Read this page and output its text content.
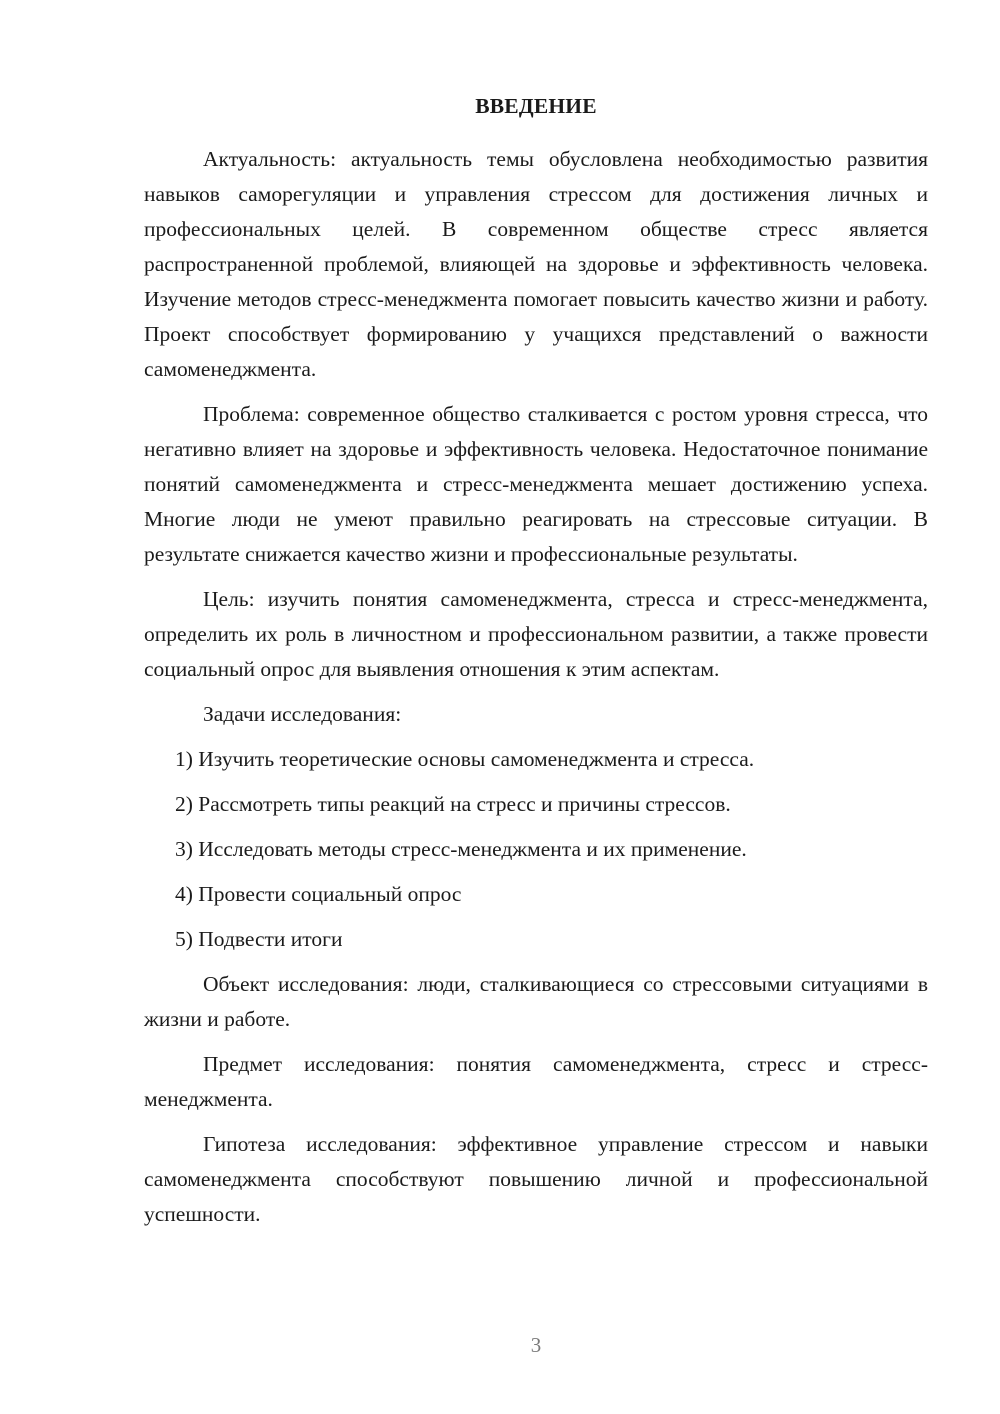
ВВЕДЕНИЕ

Актуальность: актуальность темы обусловлена необходимостью развития навыков саморегуляции и управления стрессом для достижения личных и профессиональных целей. В современном обществе стресс является распространенной проблемой, влияющей на здоровье и эффективность человека. Изучение методов стресс-менеджмента помогает повысить качество жизни и работу. Проект способствует формированию у учащихся представлений о важности самоменеджмента.

Проблема: современное общество сталкивается с ростом уровня стресса, что негативно влияет на здоровье и эффективность человека. Недостаточное понимание понятий самоменеджмента и стресс-менеджмента мешает достижению успеха. Многие люди не умеют правильно реагировать на стрессовые ситуации. В результате снижается качество жизни и профессиональные результаты.

Цель: изучить понятия самоменеджмента, стресса и стресс-менеджмента, определить их роль в личностном и профессиональном развитии, а также провести социальный опрос для выявления отношения к этим аспектам.

Задачи исследования:

1) Изучить теоретические основы самоменеджмента и стресса.

2) Рассмотреть типы реакций на стресс и причины стрессов.

3) Исследовать методы стресс-менеджмента и их применение.

4) Провести социальный опрос

5) Подвести итоги

Объект исследования: люди, сталкивающиеся со стрессовыми ситуациями в жизни и работе.

Предмет исследования: понятия самоменеджмента, стресс и стресс-менеджмента.

Гипотеза исследования: эффективное управление стрессом и навыки самоменеджмента способствуют повышению личной и профессиональной успешности.

3
